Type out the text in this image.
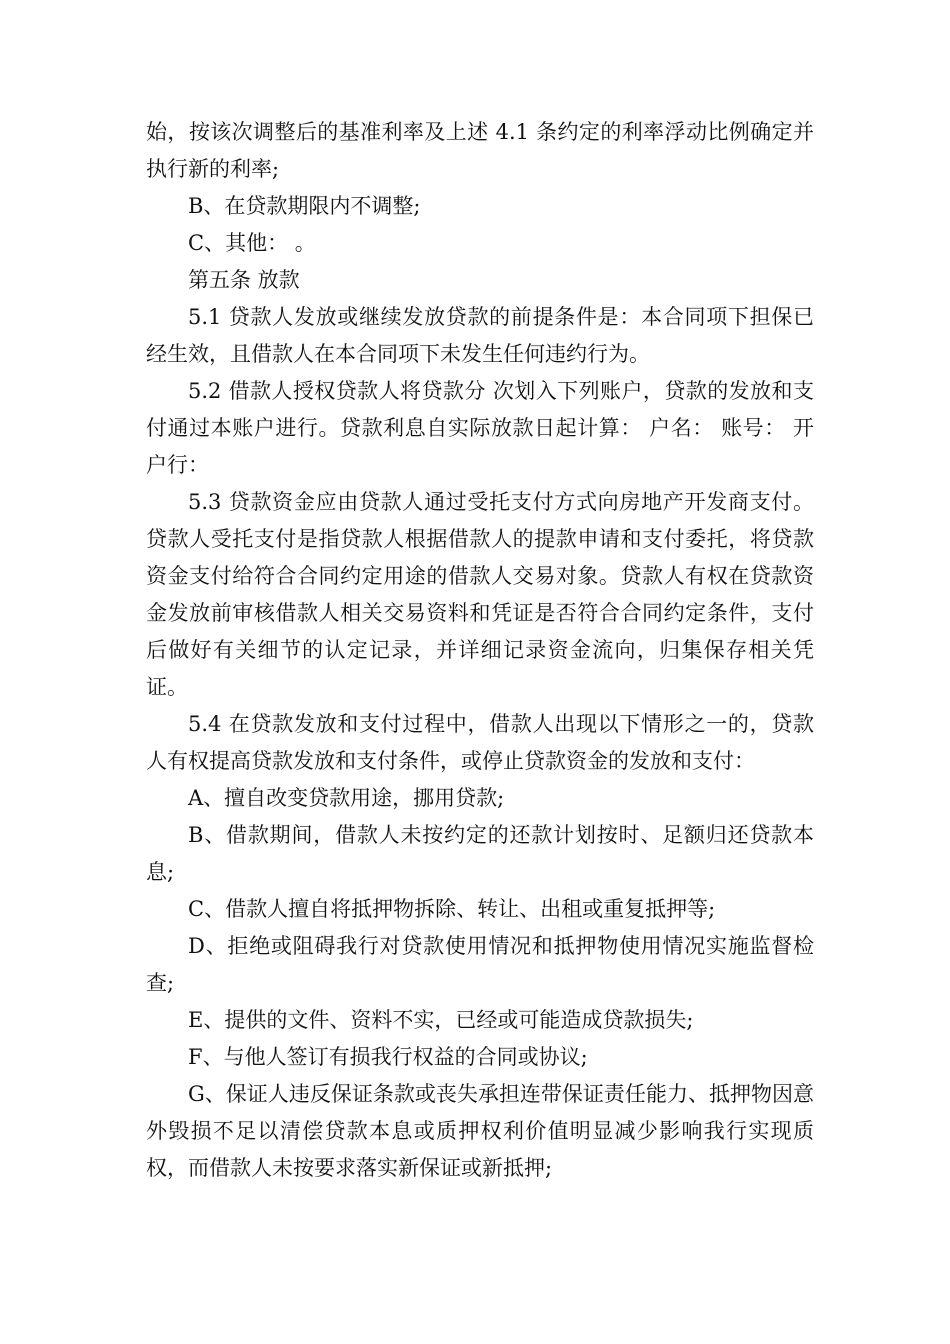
始，按该次调整后的基准利率及上述 4.1 条约定的利率浮动比例确定并执行新的利率;

B、在贷款期限内不调整;

C、其他： 。

第五条 放款

5.1 贷款人发放或继续发放贷款的前提条件是：本合同项下担保已经生效，且借款人在本合同项下未发生任何违约行为。

5.2 借款人授权贷款人将贷款分 次划入下列账户，贷款的发放和支付通过本账户进行。贷款利息自实际放款日起计算： 户名： 账号： 开户行：

5.3 贷款资金应由贷款人通过受托支付方式向房地产开发商支付。贷款人受托支付是指贷款人根据借款人的提款申请和支付委托，将贷款资金支付给符合合同约定用途的借款人交易对象。贷款人有权在贷款资金发放前审核借款人相关交易资料和凭证是否符合合同约定条件，支付后做好有关细节的认定记录，并详细记录资金流向，归集保存相关凭证。

5.4 在贷款发放和支付过程中，借款人出现以下情形之一的，贷款人有权提高贷款发放和支付条件，或停止贷款资金的发放和支付：

A、擅自改变贷款用途，挪用贷款;

B、借款期间，借款人未按约定的还款计划按时、足额归还贷款本息;

C、借款人擅自将抵押物拆除、转让、出租或重复抵押等;

D、拒绝或阻碍我行对贷款使用情况和抵押物使用情况实施监督检查;

E、提供的文件、资料不实，已经或可能造成贷款损失;

F、与他人签订有损我行权益的合同或协议;

G、保证人违反保证条款或丧失承担连带保证责任能力、抵押物因意外毁损不足以清偿贷款本息或质押权利价值明显减少影响我行实现质权，而借款人未按要求落实新保证或新抵押;
